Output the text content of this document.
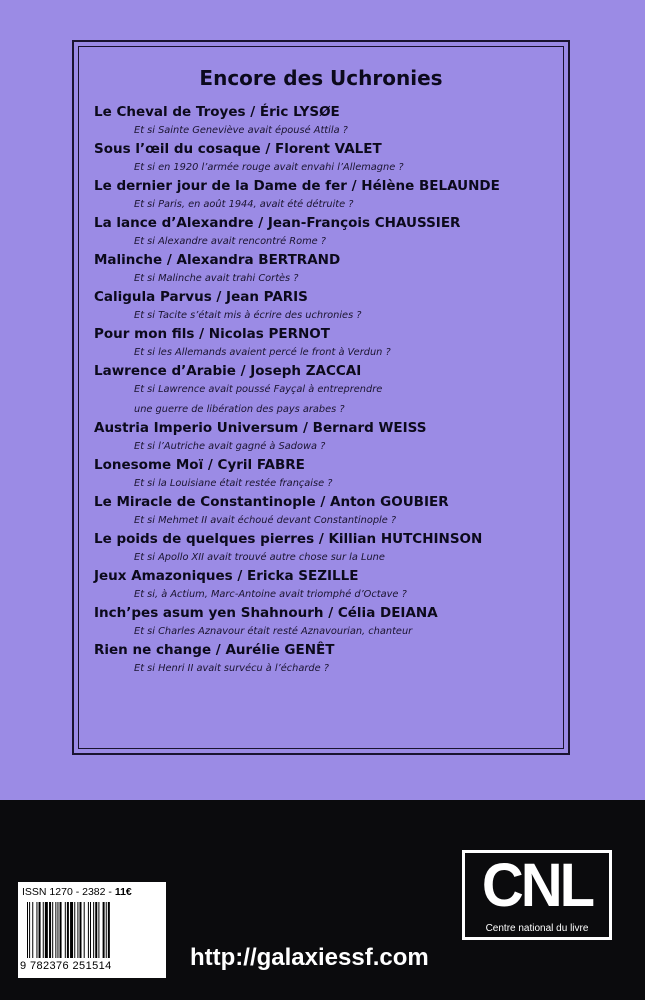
Encore des Uchronies
Le Cheval de Troyes / Éric LYSØE
Et si Sainte Geneviève avait épousé Attila ?
Sous l’œil du cosaque / Florent VALET
Et si en 1920 l’armée rouge avait envahi l’Allemagne ?
Le dernier jour de la Dame de fer / Hélène BELAUNDE
Et si Paris, en août 1944, avait été détruite ?
La lance d’Alexandre / Jean-François CHAUSSIER
Et si Alexandre avait rencontré Rome ?
Malinche / Alexandra BERTRAND
Et si Malinche avait trahi Cortès ?
Caligula Parvus / Jean PARIS
Et si Tacite s’était mis à écrire des uchronies ?
Pour mon fils / Nicolas PERNOT
Et si les Allemands avaient percé le front à Verdun ?
Lawrence d’Arabie / Joseph ZACCAI
Et si Lawrence avait poussé Fayçal à entreprendre
une guerre de libération des pays arabes ?
Austria Imperio Universum / Bernard WEISS
Et si l’Autriche avait gagné à Sadowa ?
Lonesome Moï / Cyril FABRE
Et si la Louisiane était restée française ?
Le Miracle de Constantinople / Anton GOUBIER
Et si Mehmet II avait échoué devant Constantinople ?
Le poids de quelques pierres / Killian HUTCHINSON
Et si Apollo XII avait trouvé autre chose sur la Lune
Jeux Amazoniques / Ericka SEZILLE
Et si, à Actium, Marc-Antoine avait triomphé d’Octave ?
Inch’pes asum yen Shahnourh / Célia DEIANA
Et si Charles Aznavour était resté Aznavourian, chanteur
Rien ne change / Aurélie GENÊT
Et si Henri II avait survécu à l’écharde ?
ISSN 1270 - 2382 - 11€
9 782376 251514
CNL
Centre national du livre
http://galaxiessf.com
